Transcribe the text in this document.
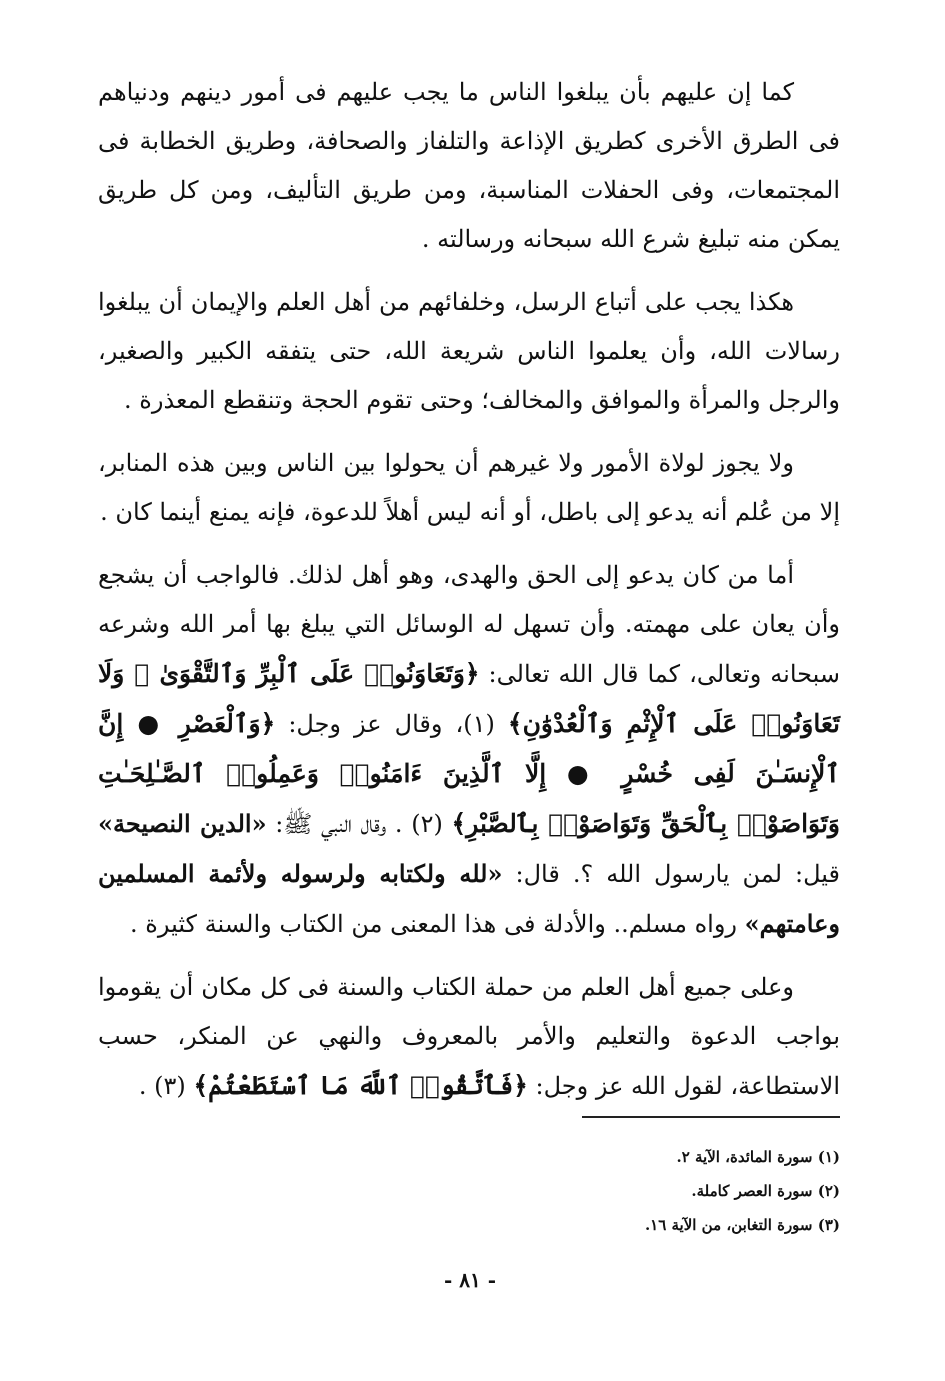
كما إن عليهم بأن يبلغوا الناس ما يجب عليهم فى أمور دينهم ودنياهم فى الطرق الأخرى كطريق الإذاعة والتلفاز والصحافة، وطريق الخطابة فى المجتمعات، وفى الحفلات المناسبة، ومن طريق التأليف، ومن كل طريق يمكن منه تبليغ شرع الله سبحانه ورسالته .

هكذا يجب على أتباع الرسل، وخلفائهم من أهل العلم والإيمان أن يبلغوا رسالات الله، وأن يعلموا الناس شريعة الله، حتى يتفقه الكبير والصغير، والرجل والمرأة والموافق والمخالف؛ وحتى تقوم الحجة وتنقطع المعذرة .

ولا يجوز لولاة الأمور ولا غيرهم أن يحولوا بين الناس وبين هذه المنابر، إلا من عُلم أنه يدعو إلى باطل، أو أنه ليس أهلاً للدعوة، فإنه يمنع أينما كان .

أما من كان يدعو إلى الحق والهدى، وهو أهل لذلك. فالواجب أن يشجع وأن يعان على مهمته. وأن تسهل له الوسائل التي يبلغ بها أمر الله وشرعه سبحانه وتعالى، كما قال الله تعالى: ﴿وَتَعَاوَنُوا۟ عَلَى ٱلْبِرِّ وَٱلتَّقْوَىٰ ۖ وَلَا تَعَاوَنُوا۟ عَلَى ٱلْإِثْمِ وَٱلْعُدْوَٰنِ﴾ (١)، وقال عز وجل: ﴿وَٱلْعَصْرِ ● إِنَّ ٱلْإِنسَـٰنَ لَفِى خُسْرٍ ● إِلَّا ٱلَّذِينَ ءَامَنُوا۟ وَعَمِلُوا۟ ٱلصَّـٰلِحَـٰتِ وَتَوَاصَوْا۟ بِٱلْحَقِّ وَتَوَاصَوْا۟ بِٱلصَّبْرِ﴾ (٢) . وقال النبي ﷺ: «الدين النصيحة» قيل: لمن يارسول الله ؟. قال: «لله ولكتابه ولرسوله ولأئمة المسلمين وعامتهم» رواه مسلم.. والأدلة فى هذا المعنى من الكتاب والسنة كثيرة .

وعلى جميع أهل العلم من حملة الكتاب والسنة فى كل مكان أن يقوموا بواجب الدعوة والتعليم والأمر بالمعروف والنهي عن المنكر، حسب الاستطاعة، لقول الله عز وجل: ﴿فَٱتَّقُوا۟ ٱللَّهَ مَا ٱسْتَطَعْتُمْ﴾ (٣) .

(١) سورة المائدة، الآية ٢.
(٢) سورة العصر كاملة.
(٣) سورة التغابن، من الآية ١٦.
- ٨١ -
